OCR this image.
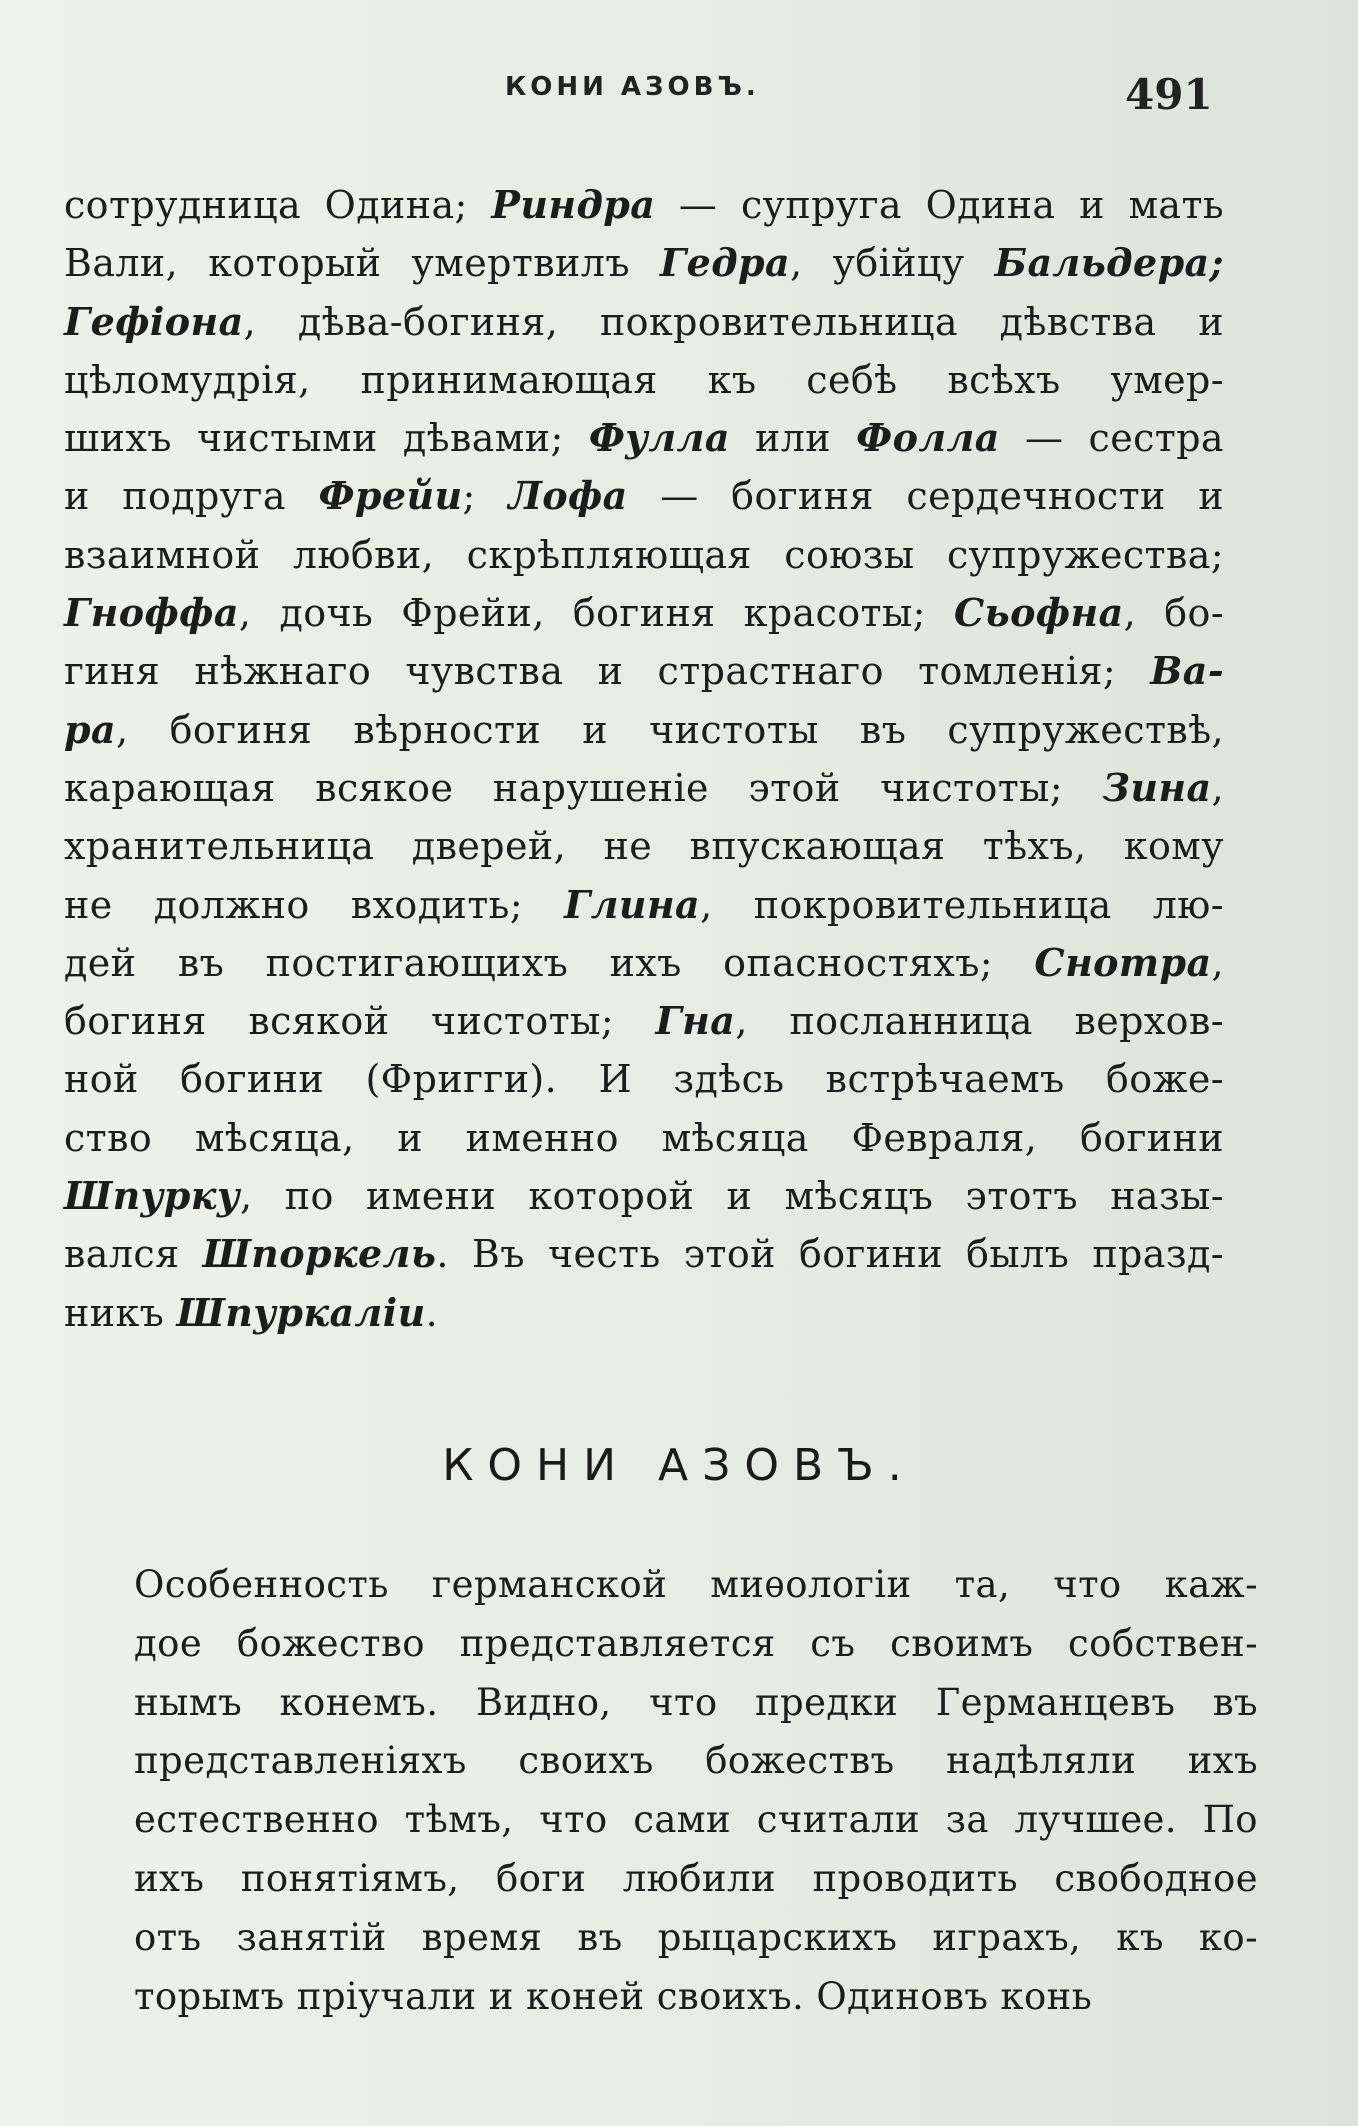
КОНИ АЗОВЪ.	491
сотрудница Одина; Риндра — супруга Одина и мать
Вали, который умертвилъ Гедра, убійцу Бальдера;
Гефіона, дѣва-богиня, покровительница дѣвства и
цѣломудрія, принимающая къ себѣ всѣхъ умер-
шихъ чистыми дѣвами; Фулла или Фолла — сестра
и подруга Фрейи; Лофа — богиня сердечности и
взаимной любви, скрѣпляющая союзы супружества;
Гноффа, дочь Фрейи, богиня красоты; Сьофна, бо-
гиня нѣжнаго чувства и страстнаго томленія; Ва-
ра, богиня вѣрности и чистоты въ супружествѣ,
карающая всякое нарушеніе этой чистоты; Зина,
хранительница дверей, не впускающая тѣхъ, кому
не должно входить; Глина, покровительница лю-
дей въ постигающихъ ихъ опасностяхъ; Снотра,
богиня всякой чистоты; Гна, посланница верхов-
ной богини (Фригги). И здѣсь встрѣчаемъ боже-
ство мѣсяца, и именно мѣсяца Февраля, богини
Шпурку, по имени которой и мѣсяцъ этотъ назы-
вался Шпоркель. Въ честь этой богини былъ празд-
никъ Шпуркаліи.
КОНИ АЗОВЪ.
Особенность германской миѳологіи та, что каж-
дое божество представляется съ своимъ собствен-
нымъ конемъ. Видно, что предки Германцевъ въ
представленіяхъ своихъ божествъ надѣляли ихъ
естественно тѣмъ, что сами считали за лучшее. По
ихъ понятіямъ, боги любили проводить свободное
отъ занятій время въ рыцарскихъ играхъ, къ ко-
торымъ пріучали и коней своихъ. Одиновъ конь
